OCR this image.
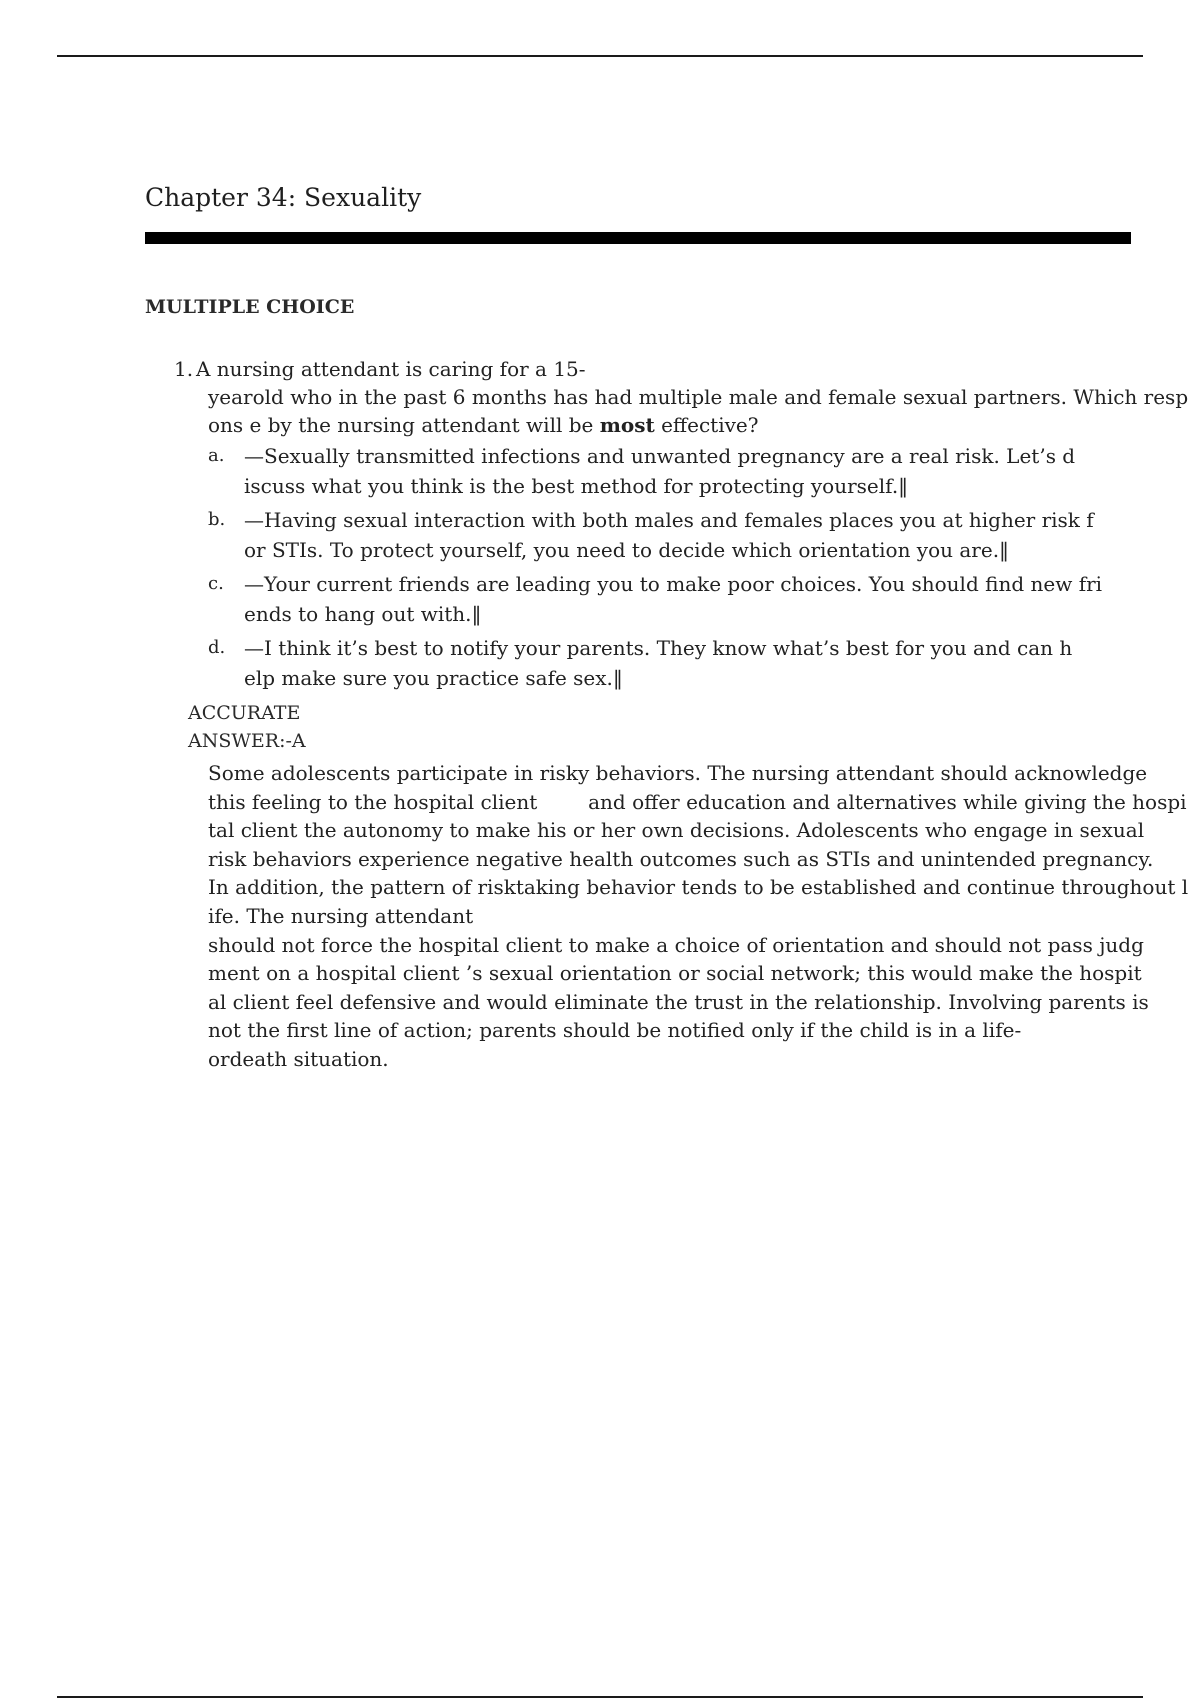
Chapter 34: Sexuality
MULTIPLE CHOICE

1. A nursing attendant is caring for a 15-
yearold who in the past 6 months has had multiple male and female sexual partners. Which resp
ons e by the nursing attendant will be most effective?

a. —Sexually transmitted infections and unwanted pregnancy are a real risk. Let’s d
iscuss what you think is the best method for protecting yourself.‖
b. —Having sexual interaction with both males and females places you at higher risk f
or STIs. To protect yourself, you need to decide which orientation you are.‖
c. —Your current friends are leading you to make poor choices. You should find new fri
ends to hang out with.‖
d. —I think it’s best to notify your parents. They know what’s best for you and can h
elp make sure you practice safe sex.‖
ACCURATE
ANSWER:-A
Some adolescents participate in risky behaviors. The nursing attendant should acknowledge
this feeling to the hospital client        and offer education and alternatives while giving the hospi
tal client the autonomy to make his or her own decisions. Adolescents who engage in sexual
risk behaviors experience negative health outcomes such as STIs and unintended pregnancy.
In addition, the pattern of risktaking behavior tends to be established and continue throughout l
ife. The nursing attendant
should not force the hospital client to make a choice of orientation and should not pass judg
ment on a hospital client ’s sexual orientation or social network; this would make the hospit
al client feel defensive and would eliminate the trust in the relationship. Involving parents is
not the first line of action; parents should be notified only if the child is in a life-
ordeath situation.
